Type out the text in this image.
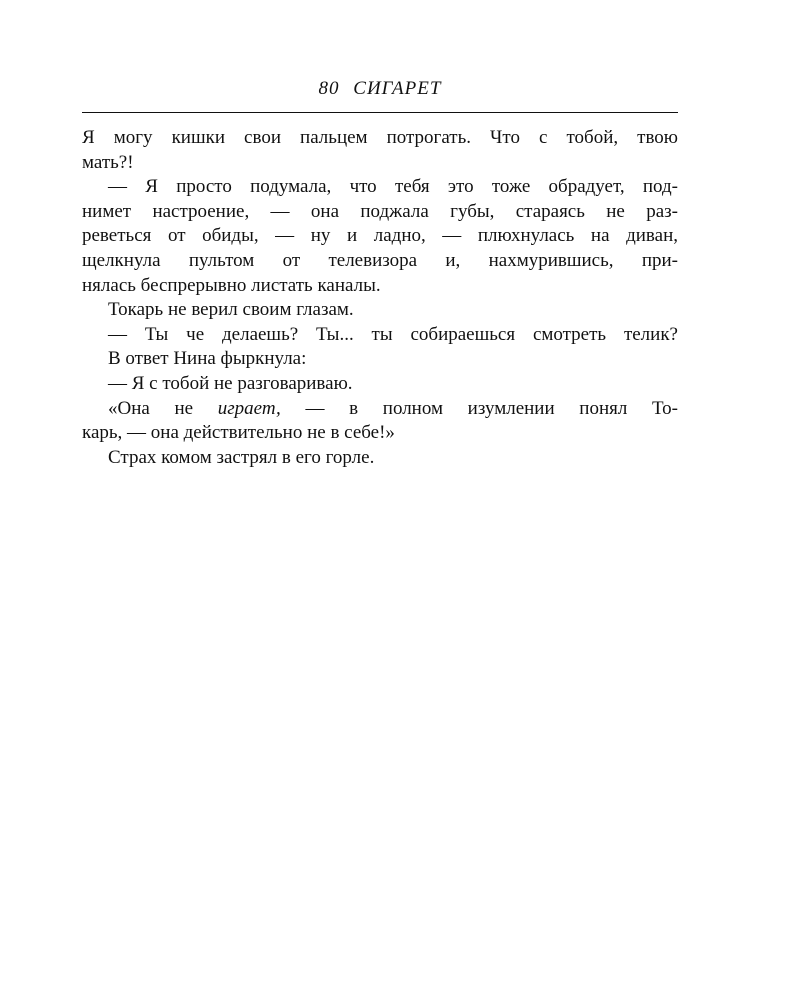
80 СИГАРЕТ
Я могу кишки свои пальцем потрогать. Что с тобой, твою
мать?!
— Я просто подумала, что тебя это тоже обрадует, под-
нимет настроение, — она поджала губы, стараясь не раз-
реветься от обиды, — ну и ладно, — плюхнулась на диван,
щелкнула пультом от телевизора и, нахмурившись, при-
нялась беспрерывно листать каналы.
Токарь не верил своим глазам.
— Ты че делаешь? Ты... ты собираешься смотреть телик?
В ответ Нина фыркнула:
— Я с тобой не разговариваю.
«Она не играет, — в полном изумлении понял То-
карь, — она действительно не в себе!»
Страх комом застрял в его горле.
